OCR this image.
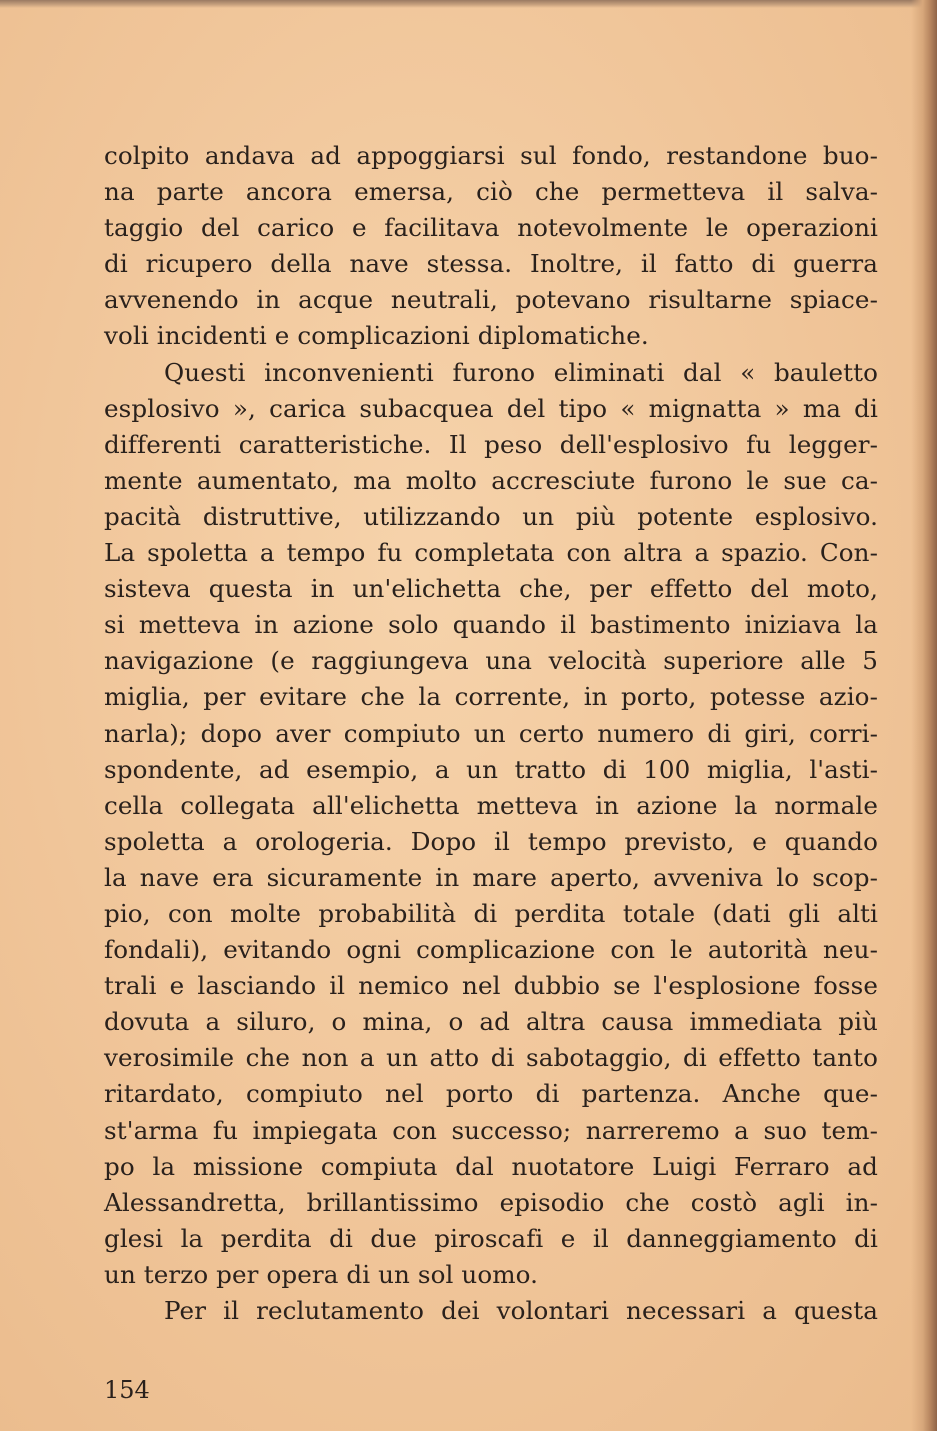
colpito andava ad appoggiarsi sul fondo, restandone buo-
na parte ancora emersa, ciò che permetteva il salva-
taggio del carico e facilitava notevolmente le operazioni
di ricupero della nave stessa. Inoltre, il fatto di guerra
avvenendo in acque neutrali, potevano risultarne spiace-
voli incidenti e complicazioni diplomatiche.

Questi inconvenienti furono eliminati dal « bauletto
esplosivo », carica subacquea del tipo « mignatta » ma di
differenti caratteristiche. Il peso dell'esplosivo fu legger-
mente aumentato, ma molto accresciute furono le sue ca-
pacità distruttive, utilizzando un più potente esplosivo.
La spoletta a tempo fu completata con altra a spazio. Con-
sisteva questa in un'elichetta che, per effetto del moto,
si metteva in azione solo quando il bastimento iniziava la
navigazione (e raggiungeva una velocità superiore alle 5
miglia, per evitare che la corrente, in porto, potesse azio-
narla); dopo aver compiuto un certo numero di giri, corri-
spondente, ad esempio, a un tratto di 100 miglia, l'asti-
cella collegata all'elichetta metteva in azione la normale
spoletta a orologeria. Dopo il tempo previsto, e quando
la nave era sicuramente in mare aperto, avveniva lo scop-
pio, con molte probabilità di perdita totale (dati gli alti
fondali), evitando ogni complicazione con le autorità neu-
trali e lasciando il nemico nel dubbio se l'esplosione fosse
dovuta a siluro, o mina, o ad altra causa immediata più
verosimile che non a un atto di sabotaggio, di effetto tanto
ritardato, compiuto nel porto di partenza. Anche que-
st'arma fu impiegata con successo; narreremo a suo tem-
po la missione compiuta dal nuotatore Luigi Ferraro ad
Alessandretta, brillantissimo episodio che costò agli in-
glesi la perdita di due piroscafi e il danneggiamento di
un terzo per opera di un sol uomo.

Per il reclutamento dei volontari necessari a questa

154
